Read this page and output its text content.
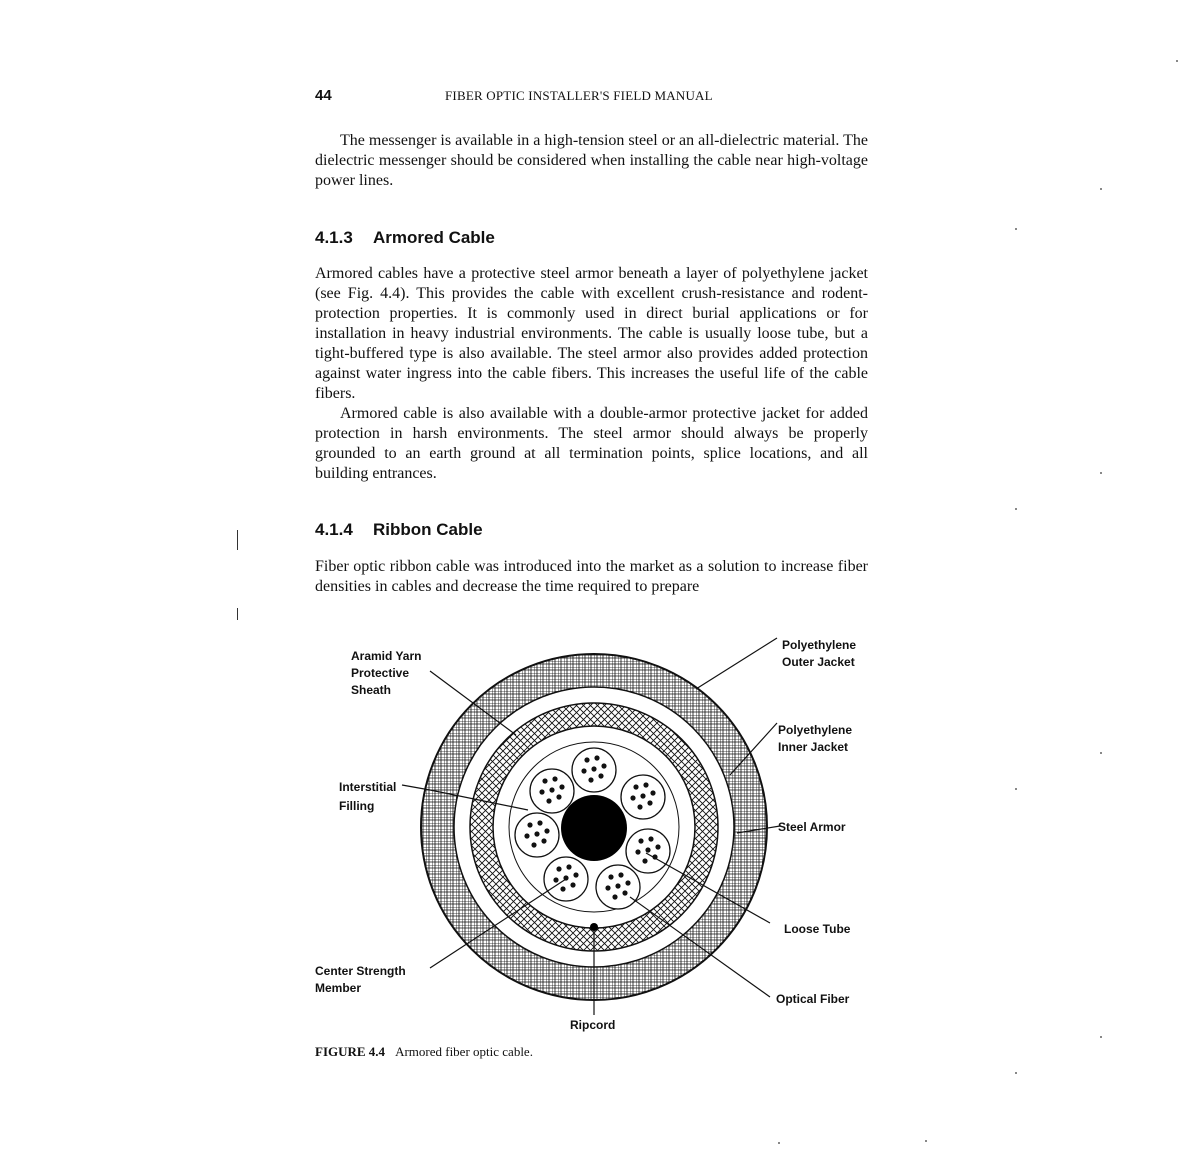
44	FIBER OPTIC INSTALLER'S FIELD MANUAL

The messenger is available in a high-tension steel or an all-dielectric material. The dielectric messenger should be considered when installing the cable near high-voltage power lines.

4.1.3 Armored Cable

Armored cables have a protective steel armor beneath a layer of polyethylene jacket (see Fig. 4.4). This provides the cable with excellent crush-resistance and rodent-protection properties. It is commonly used in direct burial applications or for installation in heavy industrial environments. The cable is usually loose tube, but a tight-buffered type is also available. The steel armor also provides added protection against water ingress into the cable fibers. This increases the useful life of the cable fibers.

Armored cable is also available with a double-armor protective jacket for added protection in harsh environments. The steel armor should always be properly grounded to an earth ground at all termination points, splice locations, and all building entrances.

4.1.4 Ribbon Cable

Fiber optic ribbon cable was introduced into the market as a solution to increase fiber densities in cables and decrease the time required to prepare

Aramid Yarn
Protective
Sheath
Polyethylene
Outer Jacket
Polyethylene
Inner Jacket
Interstitial
Filling
Steel Armor
Loose Tube
Center Strength
Member
Optical Fiber
Ripcord
FIGURE 4.4 Armored fiber optic cable.
